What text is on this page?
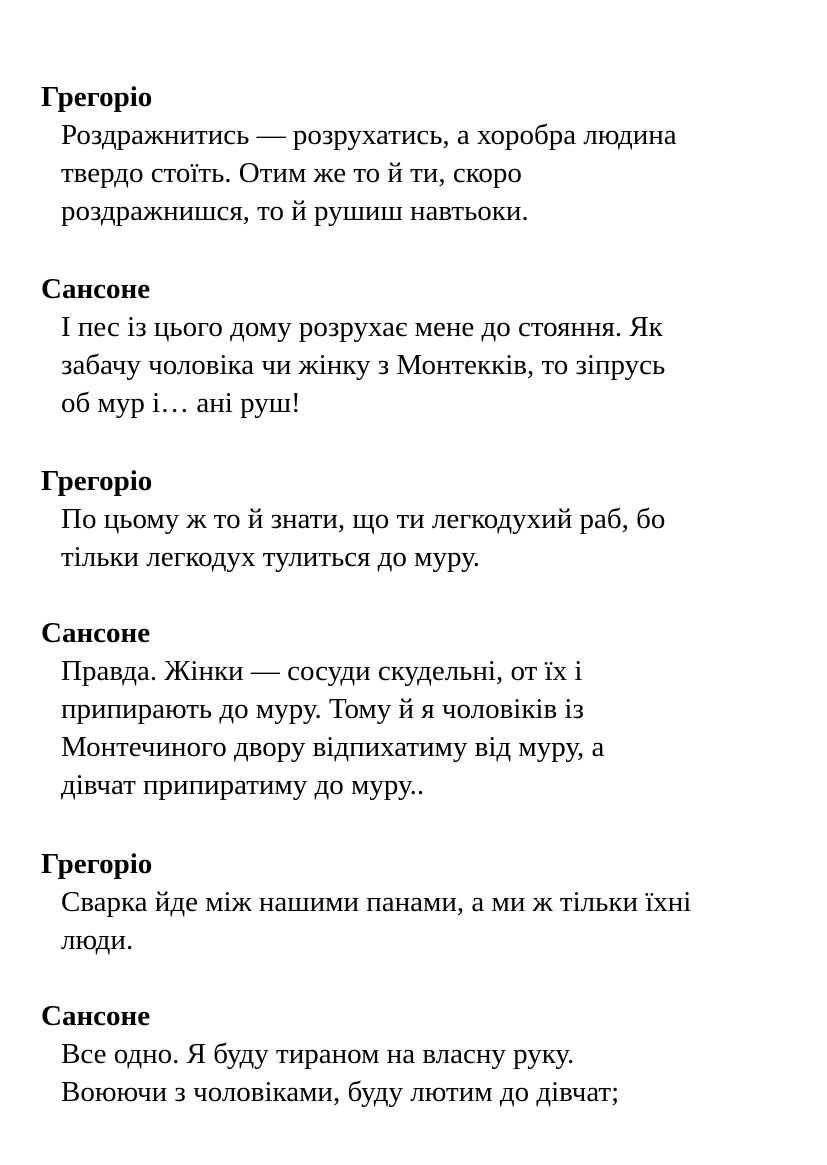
Грегоріо

Роздражнитись — розрухатись, а хоробра людина

твердо стоїть. Отим же то й ти, скоро

роздражнишся, то й рушиш навтьоки.

Сансоне

І пес із цього дому розрухає мене до стояння. Як

забачу чоловіка чи жінку з Монтекків, то зіпрусь

об мур і… ані руш!

Грегоріо

По цьому ж то й знати, що ти легкодухий раб, бо

тільки легкодух тулиться до муру.

Сансоне

Правда. Жінки — сосуди скудельні, от їх і

припирають до муру. Тому й я чоловіків із

Монтечиного двору відпихатиму від муру, а

дівчат припиратиму до муру..

Грегоріо

Сварка йде між нашими панами, а ми ж тільки їхні

люди.

Сансоне

Все одно. Я буду тираном на власну руку.

Воюючи з чоловіками, буду лютим до дівчат;
